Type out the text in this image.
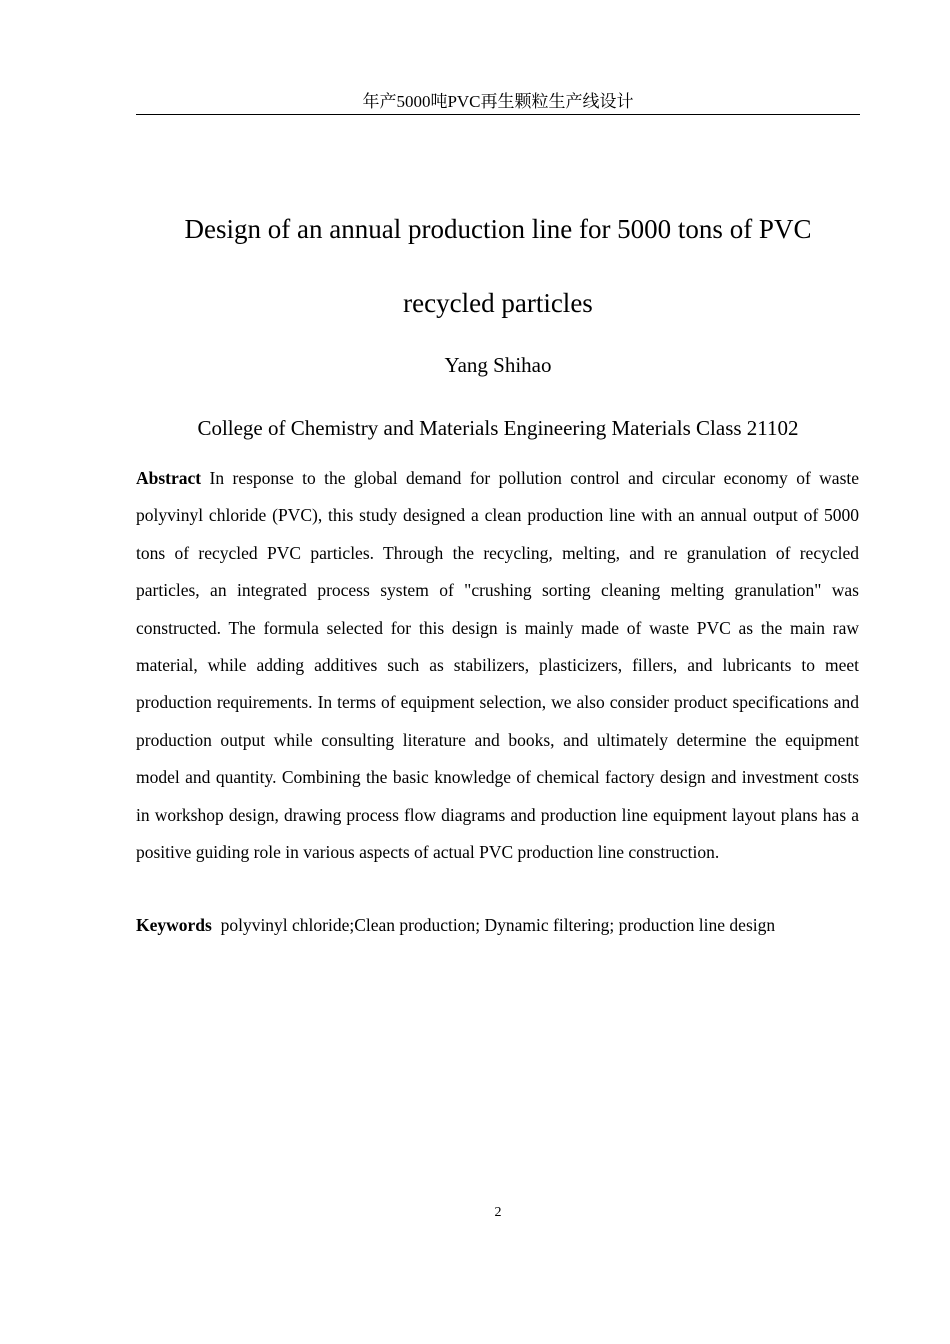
年产5000吨PVC再生颗粒生产线设计
Design of an annual production line for 5000 tons of PVC recycled particles
Yang Shihao
College of Chemistry and Materials Engineering Materials Class 21102

Abstract In response to the global demand for pollution control and circular economy of waste polyvinyl chloride (PVC), this study designed a clean production line with an annual output of 5000 tons of recycled PVC particles. Through the recycling, melting, and re granulation of recycled particles, an integrated process system of "crushing sorting cleaning melting granulation" was constructed. The formula selected for this design is mainly made of waste PVC as the main raw material, while adding additives such as stabilizers, plasticizers, fillers, and lubricants to meet production requirements. In terms of equipment selection, we also consider product specifications and production output while consulting literature and books, and ultimately determine the equipment model and quantity. Combining the basic knowledge of chemical factory design and investment costs in workshop design, drawing process flow diagrams and production line equipment layout plans has a positive guiding role in various aspects of actual PVC production line construction.

Keywords polyvinyl chloride;Clean production; Dynamic filtering; production line design
2
